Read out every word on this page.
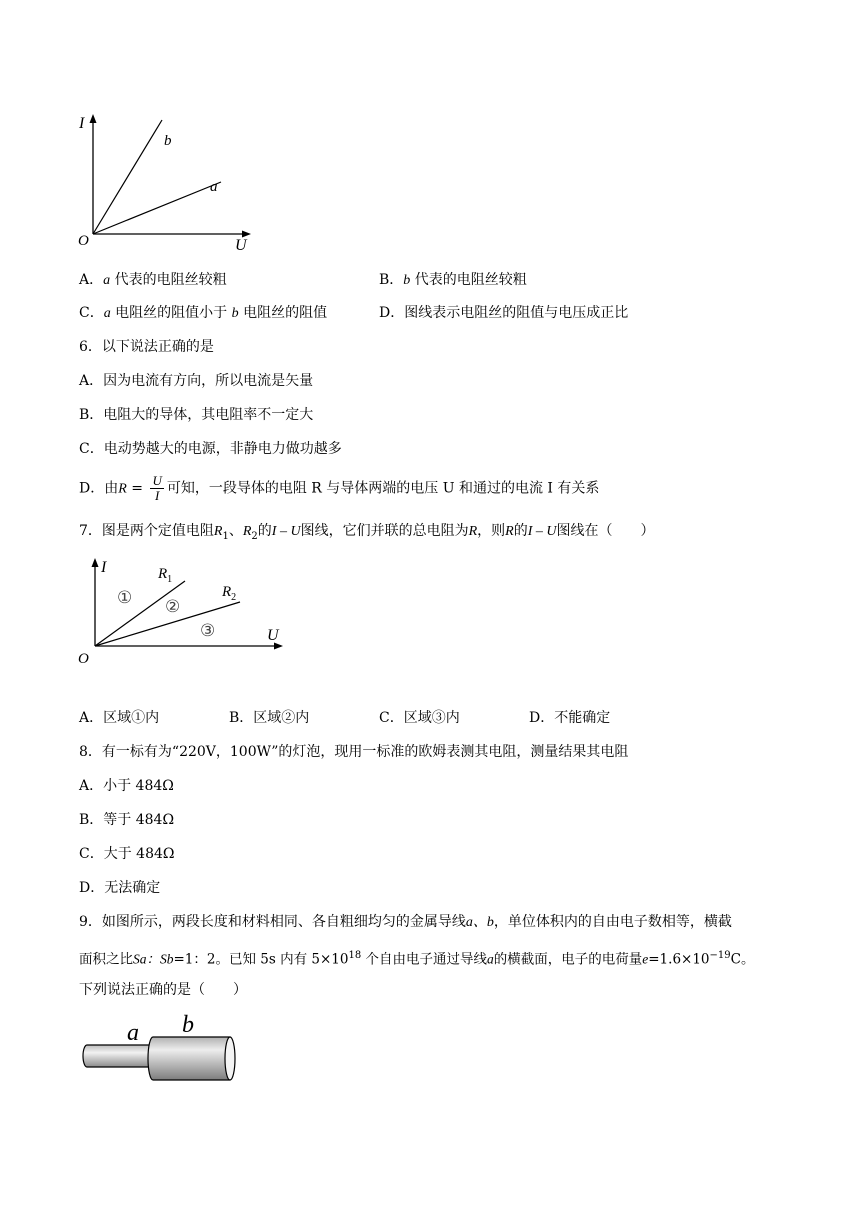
I
U
O
b
a
A．a 代表的电阻丝较粗	B．b 代表的电阻丝较粗
C．a 电阻丝的阻值小于 b 电阻丝的阻值	D．图线表示电阻丝的阻值与电压成正比
6．以下说法正确的是
A．因为电流有方向，所以电流是矢量
B．电阻大的导体，其电阻率不一定大
C．电动势越大的电源，非静电力做功越多
D．由$R = \frac{U}{I}$ 可知，一段导体的电阻 R 与导体两端的电压 U 和通过的电流 I 有关系
7．图是两个定值电阻$R_1$、$R_2$的I – U图线，它们并联的总电阻为R，则R的I – U图线在（　　）
I
U
O
$R_1$
$R_2$
① ②
③
A．区域①内	B．区域②内	C．区域③内	D．不能确定
8．有一标有为“220V，100W”的灯泡，现用一标准的欧姆表测其电阻，测量结果其电阻
A．小于 484Ω
B．等于 484Ω
C．大于 484Ω
D．无法确定
9．如图所示，两段长度和材料相同、各自粗细均匀的金属导线a、b，单位体积内的自由电子数相等，横截
面积之比Sa：Sb=1：2。已知 5s 内有 $5\times 10^{18}$ 个自由电子通过导线a的横截面，电子的电荷量$e=1.6\times 10^{-19}C$。
下列说法正确的是（　　）
a b
